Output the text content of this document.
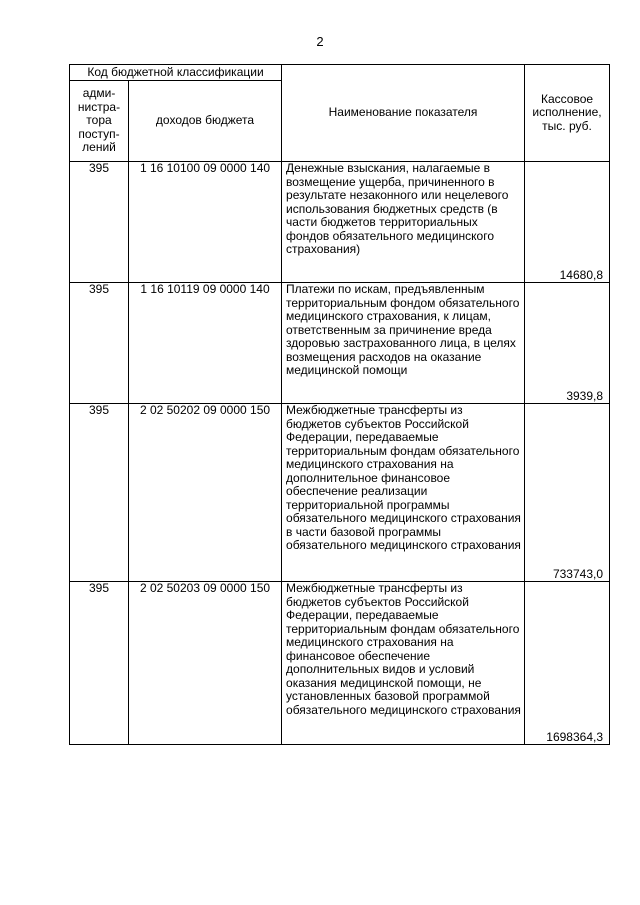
2
Код бюджетной классификации		Наименование показателя	Кассовое исполнение, тыс. руб.
адми-нистра-тора поступ-лений	доходов бюджета		
395	1 16 10100 09 0000 140	Денежные взыскания, налагаемые в возмещение ущерба, причиненного в результате незаконного или нецелевого использования бюджетных средств (в части бюджетов территориальных фондов обязательного медицинского страхования)	14680,8
395	1 16 10119 09 0000 140	Платежи по искам, предъявленным территориальным фондом обязательного медицинского страхования, к лицам, ответственным за причинение вреда здоровью застрахованного лица, в целях возмещения расходов на оказание медицинской помощи	3939,8
395	2 02 50202 09 0000 150	Межбюджетные трансферты из бюджетов субъектов Российской Федерации, передаваемые территориальным фондам обязательного медицинского страхования на дополнительное финансовое обеспечение реализации территориальной программы обязательного медицинского страхования в части базовой программы обязательного медицинского страхования	733743,0
395	2 02 50203 09 0000 150	Межбюджетные трансферты из бюджетов субъектов Российской Федерации, передаваемые территориальным фондам обязательного медицинского страхования на финансовое обеспечение дополнительных видов и условий оказания медицинской помощи, не установленных базовой программой обязательного медицинского страхования	1698364,3
